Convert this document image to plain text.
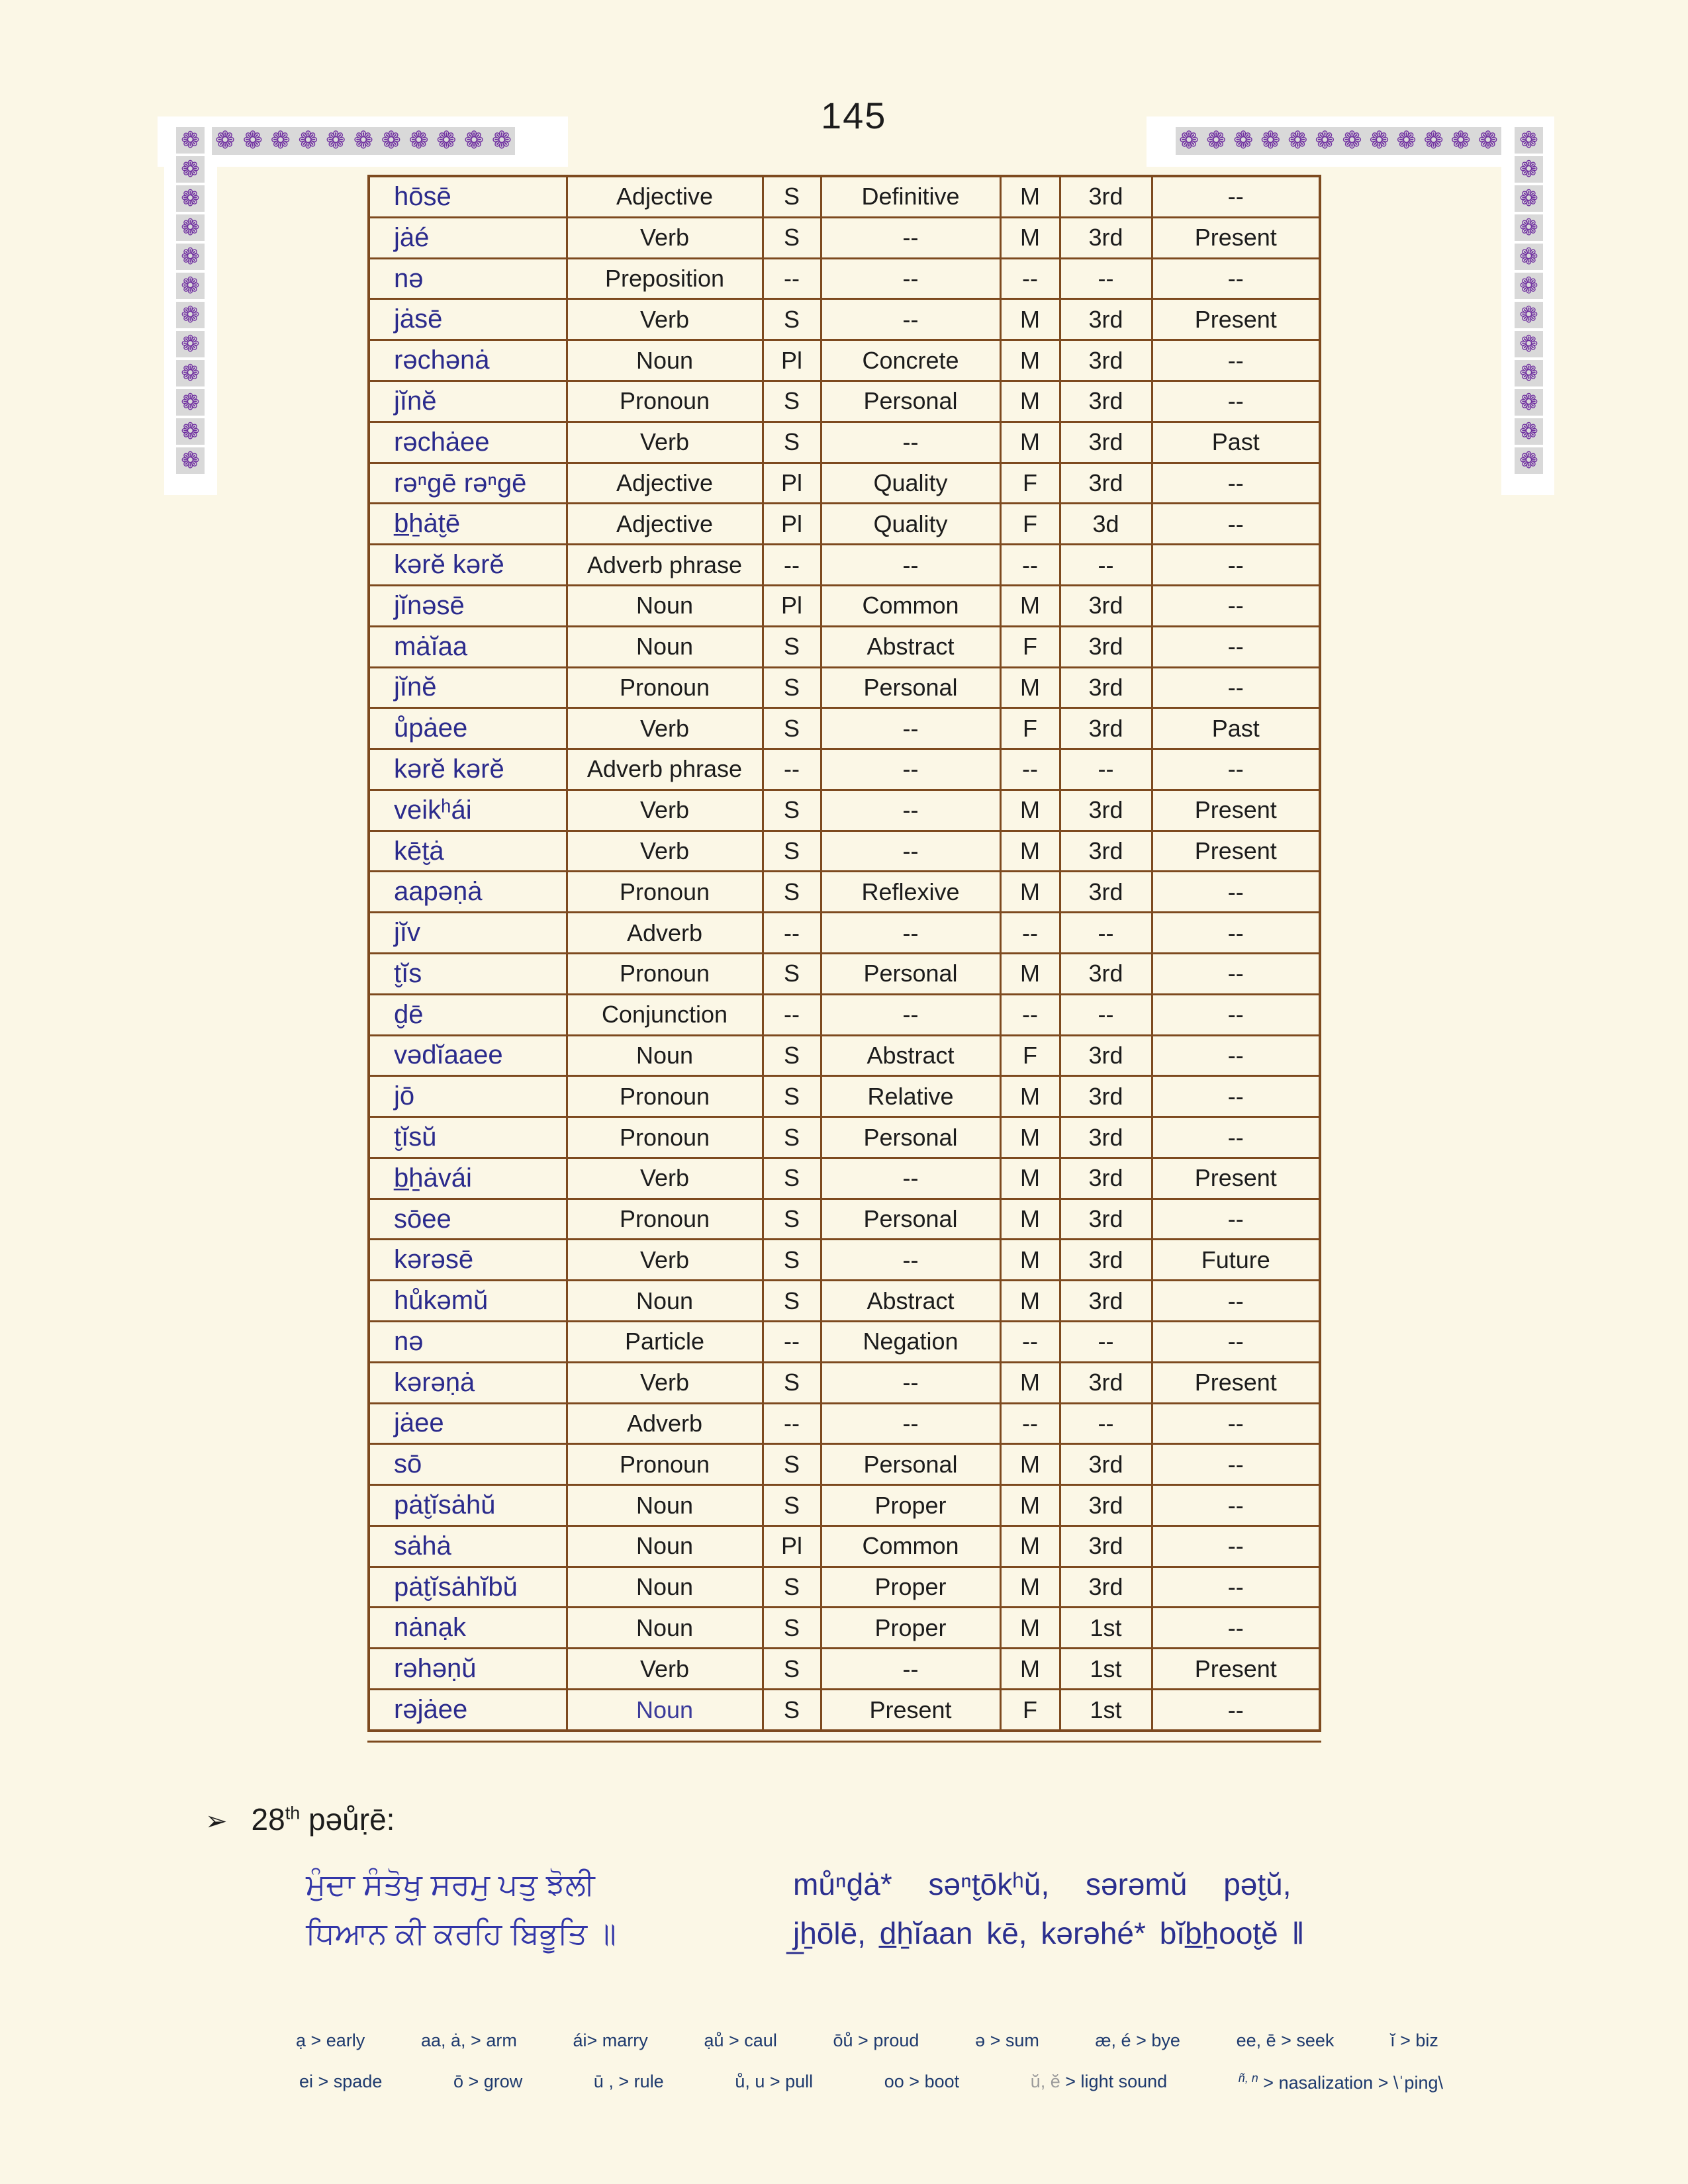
145
❁ ❁ ❁ ❁ ❁ ❁ ❁ ❁ ❁ ❁ ❁	❁ ❁ ❁ ❁ ❁ ❁ ❁ ❁ ❁ ❁ ❁ ❁
❁
❁
❁
❁
❁
❁
❁
❁
❁
❁
❁
❁
❁
❁
❁
❁
❁
❁
❁
❁
❁
❁
❁
❁
hōsē	Adjective	S	Definitive	M	3rd	--
jȧé	Verb	S	--	M	3rd	Present
nə	Preposition	--	--	--	--	--
jȧsē	Verb	S	--	M	3rd	Present
rəchənȧ	Noun	Pl	Concrete	M	3rd	--
jĭnĕ	Pronoun	S	Personal	M	3rd	--
rəchȧee	Verb	S	--	M	3rd	Past
rəⁿgē rəⁿgē	Adjective	Pl	Quality	F	3rd	--
b̲ẖȧt̮ē	Adjective	Pl	Quality	F	3d	--
kərĕ kərĕ	Adverb phrase	--	--	--	--	--
jĭnəsē	Noun	Pl	Common	M	3rd	--
mȧĭaa	Noun	S	Abstract	F	3rd	--
jĭnĕ	Pronoun	S	Personal	M	3rd	--
ůpȧee	Verb	S	--	F	3rd	Past
kərĕ kərĕ	Adverb phrase	--	--	--	--	--
veikʰái	Verb	S	--	M	3rd	Present
kēt̮ȧ	Verb	S	--	M	3rd	Present
aapəṇȧ	Pronoun	S	Reflexive	M	3rd	--
jĭv	Adverb	--	--	--	--	--
t̮ĭs	Pronoun	S	Personal	M	3rd	--
d̮ē	Conjunction	--	--	--	--	--
vədĭaaee	Noun	S	Abstract	F	3rd	--
jō	Pronoun	S	Relative	M	3rd	--
t̮ĭsŭ	Pronoun	S	Personal	M	3rd	--
b̲ẖȧvái	Verb	S	--	M	3rd	Present
sōee	Pronoun	S	Personal	M	3rd	--
kərəsē	Verb	S	--	M	3rd	Future
hůkəmŭ	Noun	S	Abstract	M	3rd	--
nə	Particle	--	Negation	--	--	--
kərəṇȧ	Verb	S	--	M	3rd	Present
jȧee	Adverb	--	--	--	--	--
sō	Pronoun	S	Personal	M	3rd	--
pȧt̮ĭsȧhŭ	Noun	S	Proper	M	3rd	--
sȧhȧ	Noun	Pl	Common	M	3rd	--
pȧt̮ĭsȧhĭbŭ	Noun	S	Proper	M	3rd	--
nȧnạk	Noun	S	Proper	M	1st	--
rəhəṇŭ	Verb	S	--	M	1st	Present
rəjȧee	Noun	S	Present	F	1st	--
➢ 28th pəůṛē:
ਮੁੰਦਾ ਸੰਤੋਖੁ ਸਰਮੁ ਪਤੁ ਝੋਲੀ
ਧਿਆਨ ਕੀ ਕਰਹਿ ਬਿਭੂਤਿ ॥
můⁿd̮ȧ* səⁿt̮ōkʰŭ, sərəmŭ pət̮ŭ,
j̲ẖōlē, d̲ẖĭaan kē, kərəhé* bĭb̲ẖoot̮ĕ ‖
ạ > early	aa, ȧ, > arm	ái> marry	ạů > caul	ōů > proud	ə > sum	æ, é > bye	ee, ē > seek	ĭ > biz
ei > spade	ō > grow	ū , > rule	ů, u > pull	oo > boot	ŭ, ĕ > light sound	$^{ñ, n}$ > nasalization > \ˈping\
